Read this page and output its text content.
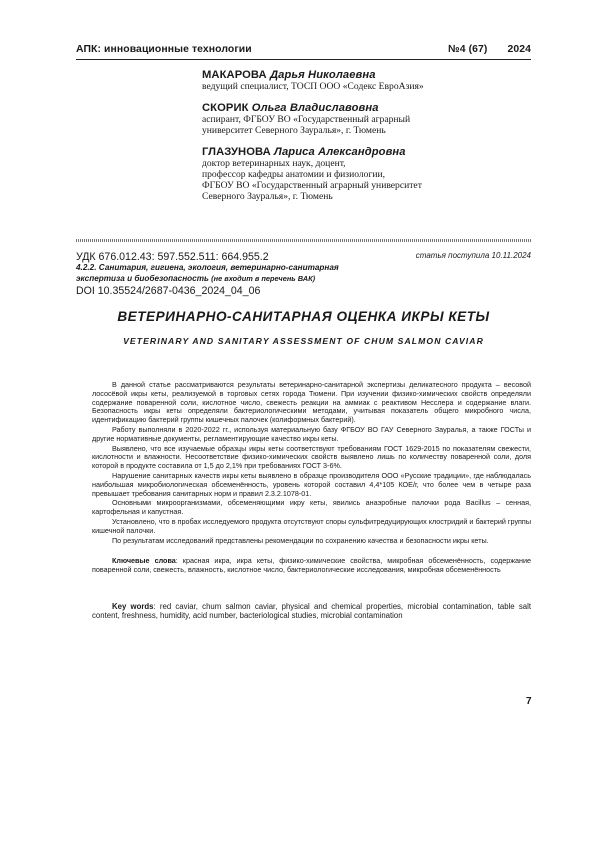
АПК: инновационные технологии	№4 (67) 2024
МАКАРОВА Дарья Николаевна
ведущий специалист, ТОСП ООО «Содекс ЕвроАзия»
СКОРИК Ольга Владиславовна
аспирант, ФГБОУ ВО «Государственный аграрный
университет Северного Зауралья», г. Тюмень
ГЛАЗУНОВА Лариса Александровна
доктор ветеринарных наук, доцент,
профессор кафедры анатомии и физиологии,
ФГБОУ ВО «Государственный аграрный университет
Северного Зауралья», г. Тюмень
УДК 676.012.43: 597.552.511: 664.955.2	статья поступила 10.11.2024
4.2.2. Санитария, гигиена, экология, ветеринарно-санитарная экспертиза и биобезопасность (не входит в перечень ВАК)
DOI 10.35524/2687-0436_2024_04_06
ВЕТЕРИНАРНО-САНИТАРНАЯ ОЦЕНКА ИКРЫ КЕТЫ
VETERINARY AND SANITARY ASSESSMENT OF CHUM SALMON CAVIAR

В данной статье рассматриваются результаты ветеринарно-санитарной экспертизы деликатесного продукта – весовой лососёвой икры кеты, реализуемой в торговых сетях города Тюмени. При изучении физико-химических свойств определяли содержание поваренной соли, кислотное число, свежесть реакции на аммиак с реактивом Несслера и содержание влаги. Безопасность икры кеты определяли бактериологическими методами, учитывая показатель общего микробного числа, идентификацию бактерий группы кишечных палочек (колиформных бактерий).

Работу выполняли в 2020-2022 гг., используя материальную базу ФГБОУ ВО ГАУ Северного Зауралья, а также ГОСТы и другие нормативные документы, регламентирующие качество икры кеты.

Выявлено, что все изучаемые образцы икры кеты соответствуют требованиям ГОСТ 1629-2015 по показателям свежести, кислотности и влажности. Несоответствие физико-химических свойств выявлено лишь по количеству поваренной соли, доля которой в продукте составила от 1,5 до 2,1% при требованиях ГОСТ 3-6%.

Нарушение санитарных качеств икры кеты выявлено в образце производителя ООО «Русские традиции», где наблюдалась наибольшая микробиологическая обсеменённость, уровень которой составил 4,4*105 КОЕ/г, что более чем в четыре раза превышает требования санитарных норм и правил 2.3.2.1078-01.

Основными микроорганизмами, обсеменяющими икру кеты, явились анаэробные палочки рода Bacillus – сенная, картофельная и капустная.

Установлено, что в пробах исследуемого продукта отсутствуют споры сульфитредуцирующих клостридий и бактерий группы кишечной палочки.

По результатам исследований представлены рекомендации по сохранению качества и безопасности икры кеты.

Ключевые слова: красная икра, икра кеты, физико-химические свойства, микробная обсеменённость, содержание поваренной соли, свежесть, влажность, кислотное число, бактериологические исследования, микробная обсеменённость

Key words: red caviar, chum salmon caviar, physical and chemical properties, microbial contamination, table salt content, freshness, humidity, acid number, bacteriological studies, microbial contamination

7
